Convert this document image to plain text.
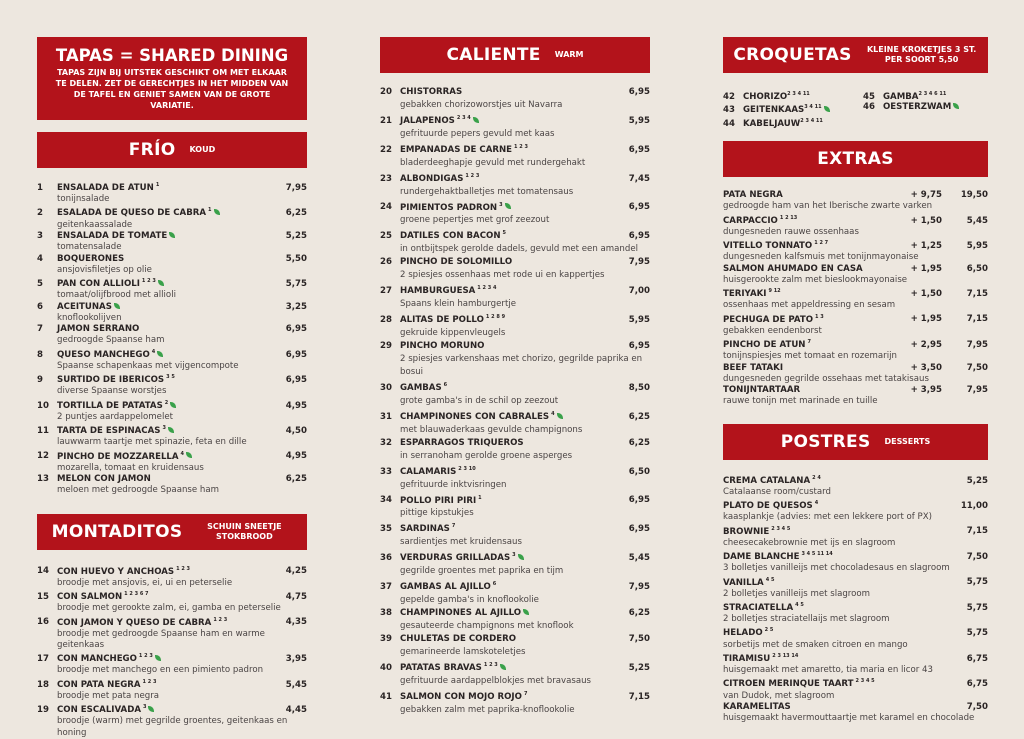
TAPAS = SHARED DINING
TAPAS ZIJN BIJ UITSTEK GESCHIKT OM MET ELKAAR TE DELEN. ZET DE GERECHTJES IN HET MIDDEN VAN DE TAFEL EN GENIET SAMEN VAN DE GROTE VARIATIE.
FRÍO KOUD
1	ENSALADA DE ATUN $^1$	7,95
tonijnsalade
2	ESALADA DE QUESO DE CABRA $^1$	6,25
geitenkaassalade
3	ENSALADA DE TOMATE	5,25
tomatensalade
4	BOQUERONES	5,50
ansjovisfiletjes op olie
5	PAN CON ALLIOLI $^{1 2 3}$	5,75
tomaat/olijfbrood met allioli
6	ACEITUNAS	3,25
knoflookolijven
7	JAMON SERRANO	6,95
gedroogde Spaanse ham
8	QUESO MANCHEGO $^4$	6,95
Spaanse schapenkaas met vijgencompote
9	SURTIDO DE IBERICOS $^{3 5}$	6,95
diverse Spaanse worstjes
10 TORTILLA DE PATATAS $^2$	4,95
2 puntjes aardappelomelet
11 TARTA DE ESPINACAS $^3$	4,50
lauwwarm taartje met spinazie, feta en dille
12 PINCHO DE MOZZARELLA $^4$	4,95
mozarella, tomaat en kruidensaus
13 MELON CON JAMON	6,25
meloen met gedroogde Spaanse ham
MONTADITOS	SCHUIN SNEETJE STOKBROOD
14 CON HUEVO Y ANCHOAS $^{1 2 3}$	4,25
broodje met ansjovis, ei, ui en peterselie
15 CON SALMON $^{1 2 3 6 7}$	4,75
broodje met gerookte zalm, ei, gamba en peterselie
16 CON JAMON Y QUESO DE CABRA $^{1 2 3}$	4,35
broodje met gedroogde Spaanse ham en warme geitenkaas
17 CON MANCHEGO $^{1 2 3}$	3,95
broodje met manchego en een pimiento padron
18 CON PATA NEGRA $^{1 2 3}$	5,45
broodje met pata negra
19 CON ESCALIVADA $^3$	4,45
broodje (warm) met gegrilde groentes, geitenkaas en honing
CALIENTE WARM
20 CHISTORRAS	6,95
gebakken chorizoworstjes uit Navarra
21 JALAPENOS $^{2 3 4}$	5,95
gefrituurde pepers gevuld met kaas
22 EMPANADAS DE CARNE $^{1 2 3}$	6,95
bladerdeeghapje gevuld met rundergehakt
23 ALBONDIGAS $^{1 2 3}$	7,45
rundergehaktballetjes met tomatensaus
24 PIMIENTOS PADRON $^3$	6,95
groene pepertjes met grof zeezout
25 DATILES CON BACON $^5$	6,95
in ontbijtspek gerolde dadels, gevuld met een amandel
26 PINCHO DE SOLOMILLO	7,95
2 spiesjes ossenhaas met rode ui en kappertjes
27 HAMBURGUESA $^{1 2 3 4}$	7,00
Spaans klein hamburgertje
28 ALITAS DE POLLO $^{1 2 8 9}$	5,95
gekruide kippenvleugels
29 PINCHO MORUNO	6,95
2 spiesjes varkenshaas met chorizo, gegrilde paprika en bosui
30 GAMBAS $^6$	8,50
grote gamba's in de schil op zeezout
31 CHAMPINONES CON CABRALES $^4$	6,25
met blauwaderkaas gevulde champignons
32 ESPARRAGOS TRIQUEROS	6,25
in serranoham gerolde groene asperges
33 CALAMARIS $^{2 3 10}$	6,50
gefrituurde inktvisringen
34 POLLO PIRI PIRI $^1$	6,95
pittige kipstukjes
35 SARDINAS $^7$	6,95
sardientjes met kruidensaus
36 VERDURAS GRILLADAS $^3$	5,45
gegrilde groentes met paprika en tijm
37 GAMBAS AL AJILLO $^6$	7,95
gepelde gamba's in knoflookolie
38 CHAMPINONES AL AJILLO	6,25
gesauteerde champignons met knoflook
39 CHULETAS DE CORDERO	7,50
gemarineerde lamskoteletjes
40 PATATAS BRAVAS $^{1 2 3}$	5,25
gefrituurde aardappelblokjes met bravasaus
41 SALMON CON MOJO ROJO $^7$	7,15
gebakken zalm met paprika-knoflookolie
CROQUETAS KLEINE KROKETJES 3 ST. PER SOORT 5,50
42 $CHORIZO^{2 3 4 11}$	45 $GAMBA^{2 3 4 6 11}$
43 $GEITENKAAS^{3 4 11}$	46 OESTERZWAM
44 $KABELJAUW^{2 3 4 11}$
EXTRAS
PATA NEGRA	+ 9,75	19,50
gedroogde ham van het Iberische zwarte varken
CARPACCIO $^{1 2 13}$	+ 1,50	5,45
dungesneden rauwe ossenhaas
VITELLO TONNATO $^{1 2 7}$	+ 1,25	5,95
dungesneden kalfsmuis met tonijnmayonaise
SALMON AHUMADO EN CASA	+ 1,95	6,50
huisgerookte zalm met bieslookmayonaise
TERIYAKI $^{9 12}$	+ 1,50	7,15
ossenhaas met appeldressing en sesam
PECHUGA DE PATO $^{1 3}$	+ 1,95	7,15
gebakken eendenborst
PINCHO DE ATUN $^7$	+ 2,95	7,95
tonijnspiesjes met tomaat en rozemarijn
BEEF TATAKI	+ 3,50	7,50
dungesneden gegrilde ossehaas met tatakisaus
TONIJNTARTAAR	+ 3,95	7,95
rauwe tonijn met marinade en tuille
POSTRES DESSERTS
CREMA CATALANA $^{2 4}$	5,25
Catalaanse room/custard
PLATO DE QUESOS $^4$	11,00
kaasplankje (advies: met een lekkere port of PX)
BROWNIE $^{2 3 4 5}$	7,15
cheesecakebrownie met ijs en slagroom
DAME BLANCHE $^{3 4 5 11 14}$	7,50
3 bolletjes vanilleijs met chocoladesaus en slagroom
VANILLA $^{4 5}$	5,75
2 bolletjes vanilleijs met slagroom
STRACIATELLA $^{4 5}$	5,75
2 bolletjes straciatellaijs met slagroom
HELADO $^{2 5}$	5,75
sorbetijs met de smaken citroen en mango
TIRAMISU $^{2 3 13 14}$	6,75
huisgemaakt met amaretto, tia maria en licor 43
CITROEN MERINQUE TAART $^{2 3 4 5}$	6,75
van Dudok, met slagroom
KARAMELITAS	7,50
huisgemaakt havermouttaartje met karamel en chocolade
